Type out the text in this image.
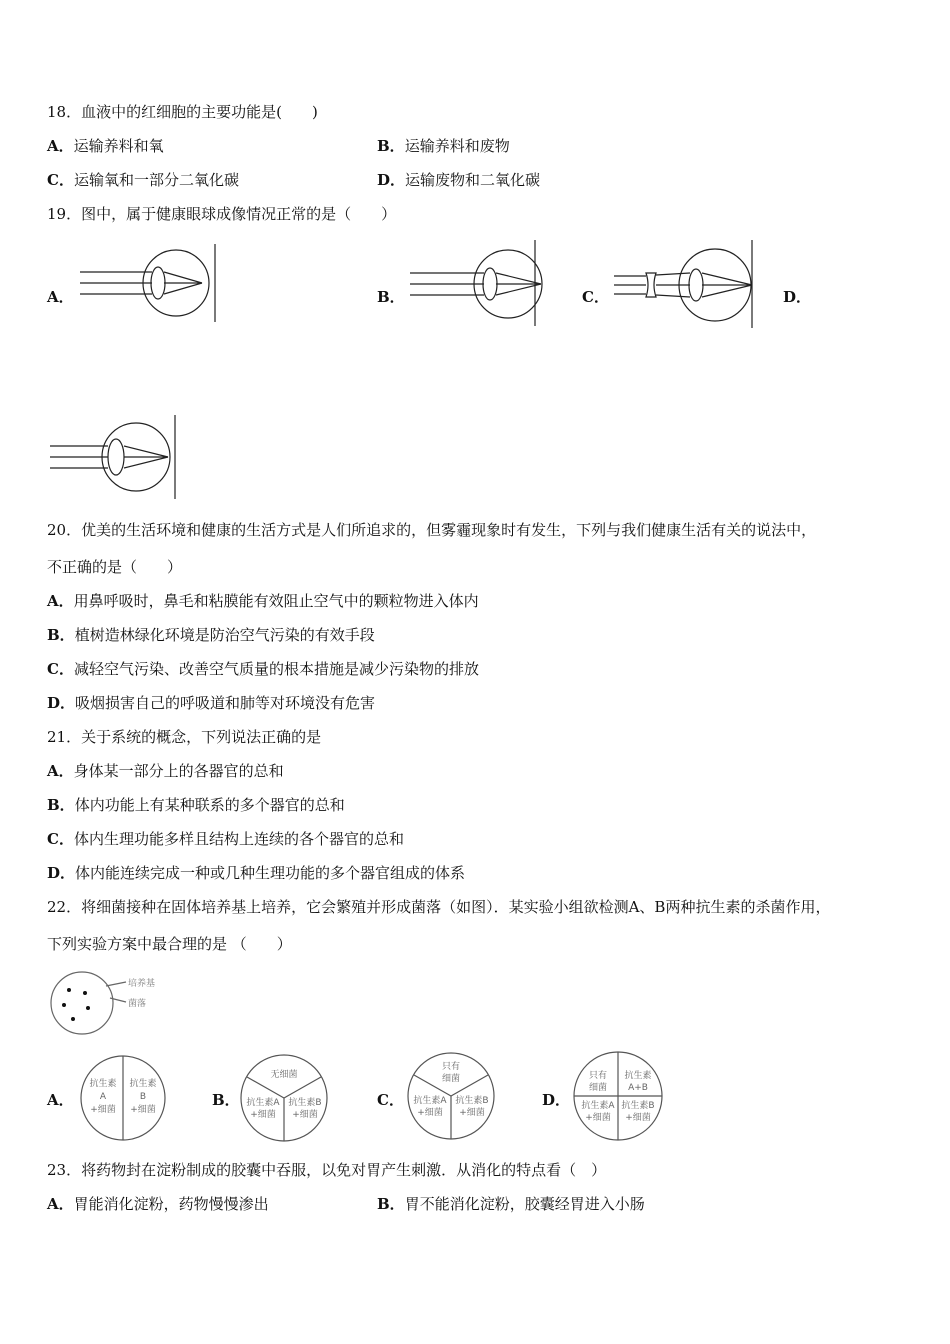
18．血液中的红细胞的主要功能是(　　)
A．运输养料和氧	B．运输养料和废物
C．运输氧和一部分二氧化碳	D．运输废物和二氧化碳
19．图中，属于健康眼球成像情况正常的是（　　）
A．	B．	C．	D．
20．优美的生活环境和健康的生活方式是人们所追求的，但雾霾现象时有发生，下列与我们健康生活有关的说法中，
不正确的是（　　）
A．用鼻呼吸时，鼻毛和粘膜能有效阻止空气中的颗粒物进入体内
B．植树造林绿化环境是防治空气污染的有效手段
C．减轻空气污染、改善空气质量的根本措施是减少污染物的排放
D．吸烟损害自己的呼吸道和肺等对环境没有危害
21．关于系统的概念，下列说法正确的是
A．身体某一部分上的各器官的总和
B．体内功能上有某种联系的多个器官的总和
C．体内生理功能多样且结构上连续的各个器官的总和
D．体内能连续完成一种或几种生理功能的多个器官组成的体系
22．将细菌接种在固体培养基上培养，它会繁殖并形成菌落（如图）．某实验小组欲检测A、B两种抗生素的杀菌作用，
下列实验方案中最合理的是 （　　）
培养基
菌落
A．
抗生素
A
+细菌
抗生素
B
+细菌
B．
无细菌
抗生素A
+细菌
抗生素B
+细菌
C．
只有
细菌
抗生素A
+细菌
抗生素B
+细菌
D．
只有
细菌
抗生素
A+B
抗生素A
+细菌
抗生素B
+细菌
23．将药物封在淀粉制成的胶囊中吞服，以免对胃产生刺激．从消化的特点看（　）
A．胃能消化淀粉，药物慢慢渗出	B．胃不能消化淀粉，胶囊经胃进入小肠
